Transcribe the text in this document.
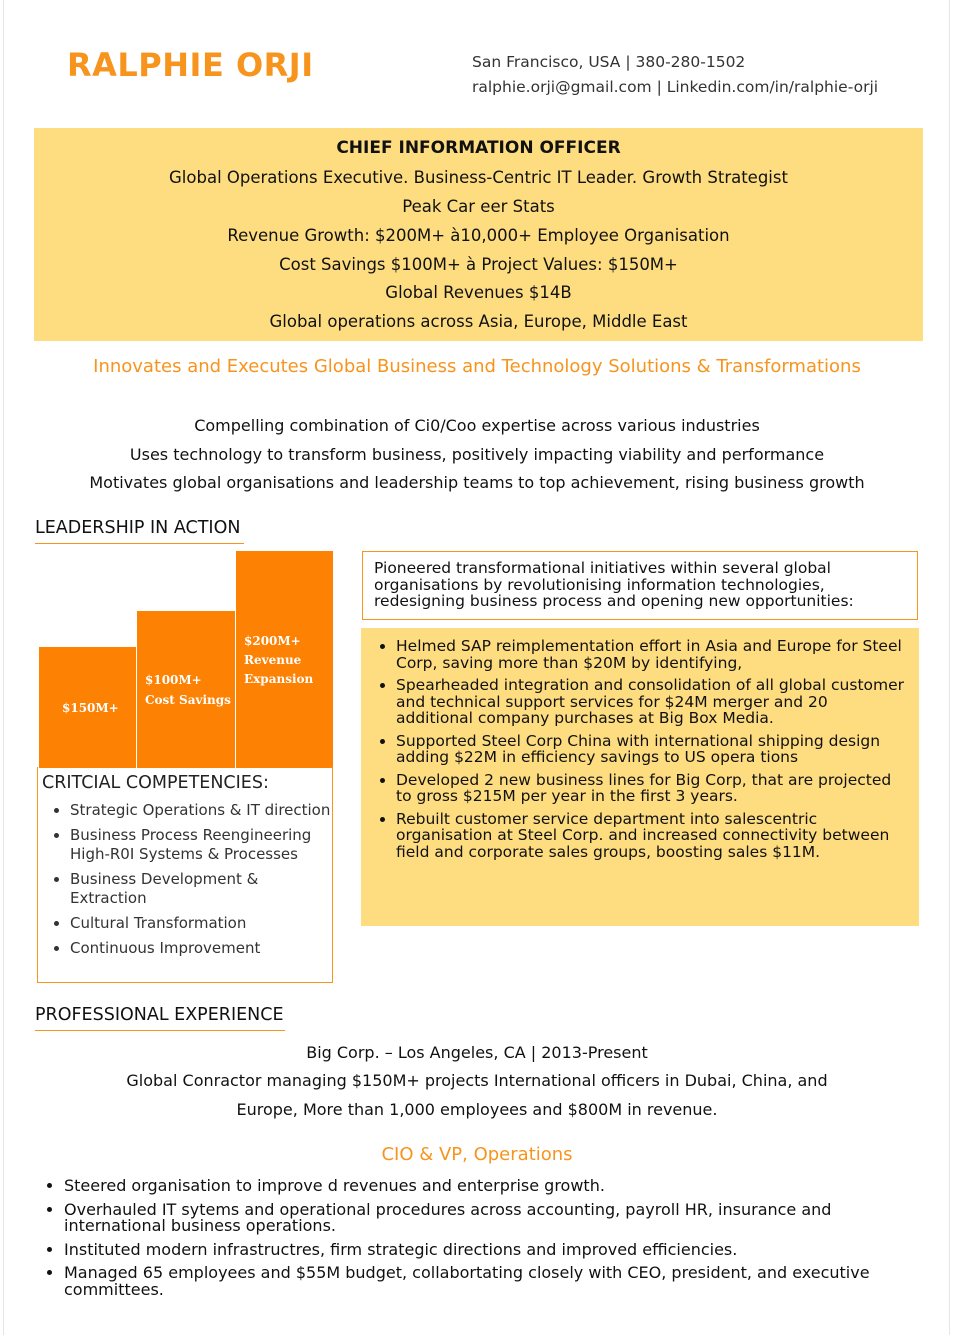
RALPHIE ORJI	San Francisco, USA | 380-280-1502
ralphie.orji@gmail.com | Linkedin.com/in/ralphie-orji
CHIEF INFORMATION OFFICER
Global Operations Executive. Business-Centric IT Leader. Growth Strategist
Peak Car eer Stats
Revenue Growth: $200M+ à10,000+ Employee Organisation
Cost Savings $100M+ à Project Values: $150M+
Global Revenues $14B
Global operations across Asia, Europe, Middle East
Innovates and Executes Global Business and Technology Solutions & Transformations
Compelling combination of Ci0/Coo expertise across various industries
Uses technology to transform business, positively impacting viability and performance
Motivates global organisations and leadership teams to top achievement, rising business growth
LEADERSHIP IN ACTION
$150M+
$100M+
Cost Savings
$200M+
Revenue
Expansion
CRITCIAL COMPETENCIES:
• Strategic Operations & IT direction
• Business Process Reengineering High-R0I Systems & Processes
• Business Development & Extraction
• Cultural Transformation
• Continuous Improvement
Pioneered transformational initiatives within several global organisations by revolutionising information technologies, redesigning business process and opening new opportunities:
• Helmed SAP reimplementation effort in Asia and Europe for Steel Corp, saving more than $20M by identifying,
• Spearheaded integration and consolidation of all global customer and technical support services for $24M merger and 20 additional company purchases at Big Box Media.
• Supported Steel Corp China with international shipping design adding $22M in efficiency savings to US opera tions
• Developed 2 new business lines for Big Corp, that are projected to gross $215M per year in the first 3 years.
• Rebuilt customer service department into salescentric organisation at Steel Corp. and increased connectivity between field and corporate sales groups, boosting sales $11M.
PROFESSIONAL EXPERIENCE
Big Corp. – Los Angeles, CA | 2013-Present
Global Conractor managing $150M+ projects International officers in Dubai, China, and
Europe, More than 1,000 employees and $800M in revenue.
CIO & VP, Operations
• Steered organisation to improve d revenues and enterprise growth.
• Overhauled IT sytems and operational procedures across accounting, payroll HR, insurance and international business operations.
• Instituted modern infrastructres, firm strategic directions and improved efficiencies.
• Managed 65 employees and $55M budget, collabortating closely with CEO, president, and executive committees.
